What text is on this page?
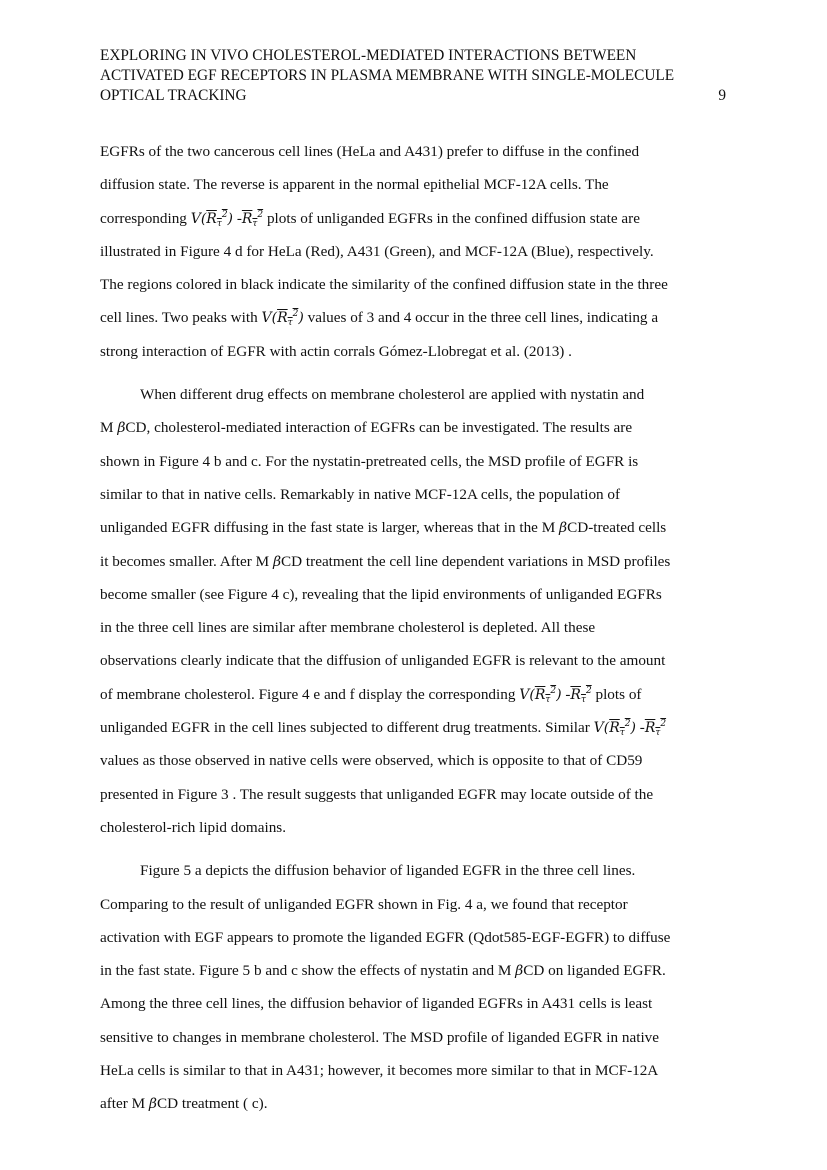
EXPLORING IN VIVO CHOLESTEROL-MEDIATED INTERACTIONS BETWEEN
ACTIVATED EGF RECEPTORS IN PLASMA MEMBRANE WITH SINGLE-MOLECULE
OPTICAL TRACKING	9
EGFRs of the two cancerous cell lines (HeLa and A431) prefer to diffuse in the confined
diffusion state. The reverse is apparent in the normal epithelial MCF-12A cells. The
corresponding $V(R_\tau^2)$ $-R_\tau^2$ plots of unliganded EGFRs in the confined diffusion state are
illustrated in Figure 4 d for HeLa (Red), A431 (Green), and MCF-12A (Blue), respectively.
The regions colored in black indicate the similarity of the confined diffusion state in the three
cell lines. Two peaks with $V(R_\tau^2)$ values of 3 and 4 occur in the three cell lines, indicating a
strong interaction of EGFR with actin corrals Gómez-Llobregat et al. (2013) .
When different drug effects on membrane cholesterol are applied with nystatin and
M βCD, cholesterol-mediated interaction of EGFRs can be investigated. The results are
shown in Figure 4 b and c. For the nystatin-pretreated cells, the MSD profile of EGFR is
similar to that in native cells. Remarkably in native MCF-12A cells, the population of
unliganded EGFR diffusing in the fast state is larger, whereas that in the M βCD-treated cells
it becomes smaller. After M βCD treatment the cell line dependent variations in MSD profiles
become smaller (see Figure 4 c), revealing that the lipid environments of unliganded EGFRs
in the three cell lines are similar after membrane cholesterol is depleted. All these
observations clearly indicate that the diffusion of unliganded EGFR is relevant to the amount
of membrane cholesterol. Figure 4 e and f display the corresponding $V(R_\tau^2)$ $-R_\tau^2$ plots of
unliganded EGFR in the cell lines subjected to different drug treatments. Similar $V(R_\tau^2)$ $-R_\tau^2$
values as those observed in native cells were observed, which is opposite to that of CD59
presented in Figure 3 . The result suggests that unliganded EGFR may locate outside of the
cholesterol-rich lipid domains.
Figure 5 a depicts the diffusion behavior of liganded EGFR in the three cell lines.
Comparing to the result of unliganded EGFR shown in Fig. 4 a, we found that receptor
activation with EGF appears to promote the liganded EGFR (Qdot585-EGF-EGFR) to diffuse
in the fast state. Figure 5 b and c show the effects of nystatin and M βCD on liganded EGFR.
Among the three cell lines, the diffusion behavior of liganded EGFRs in A431 cells is least
sensitive to changes in membrane cholesterol. The MSD profile of liganded EGFR in native
HeLa cells is similar to that in A431; however, it becomes more similar to that in MCF-12A
after M βCD treatment ( c).
